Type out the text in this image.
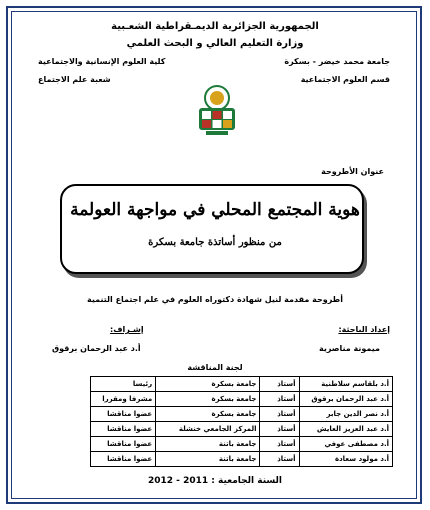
الجمهورية الجزائرية الديمـقراطية الشعـبية
وزارة التعليم العالي و البحث العلمي
جامعة محمد خيضر - بسكرة
كلية العلوم الإنسانية والاجتماعية
قسم العلوم الاجتماعية
شعبة علم الاجتماع
عنوان الأطروحة
هوية المجتمع المحلي في مواجهة العولمة
من منظور أساتذة جامعة بسكرة
أطروحة مقدمة لنيل شهادة دكتوراه العلوم في علم اجتماع التنمية
إعداد الباحثة:
إشـراف:
ميمونة مناصرية
أ.د عبد الرحمان برقوق
لجنة المناقشة
أ.د بلقاسم سلاطنية	أستاذ	جامعة بسكرة	رئيسا
أ.د عبد الرحمان برقوق	أستاذ	جامعة بسكرة	مشرفا ومقررا
أ.د نصر الدين جابر	أستاذ	جامعة بسكرة	عضوا مناقشا
أ.د عبد العزيز العايش	أستاذ	المركز الجامعي خنشلة	عضوا مناقشا
أ.د مصطفى عوفي	أستاذ	جامعة باتنة	عضوا مناقشا
أ.د مولود سعادة	أستاذ	جامعة باتنة	عضوا مناقشا
السنة الجامعية : 2011 - 2012
